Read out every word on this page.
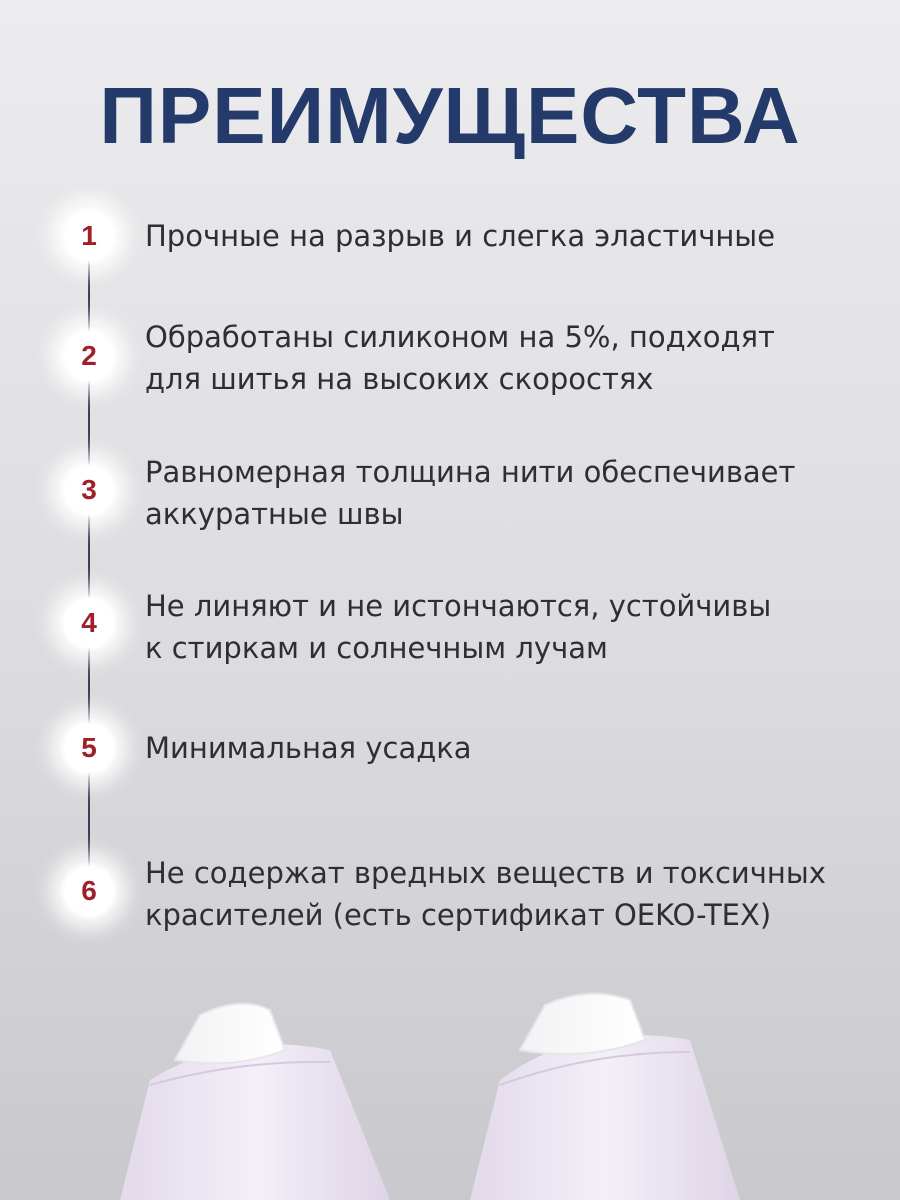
ПРЕИМУЩЕСТВА
1	Прочные на разрыв и слегка эластичные
2
Обработаны силиконом на 5%, подходят
для шитья на высоких скоростях
3
Равномерная толщина нити обеспечивает
аккуратные швы
4	Не линяют и не истончаются, устойчивы
к стиркам и солнечным лучам
5	Минимальная усадка
6
Не содержат вредных веществ и токсичных
красителей (есть сертификат OEKO-TEX)
